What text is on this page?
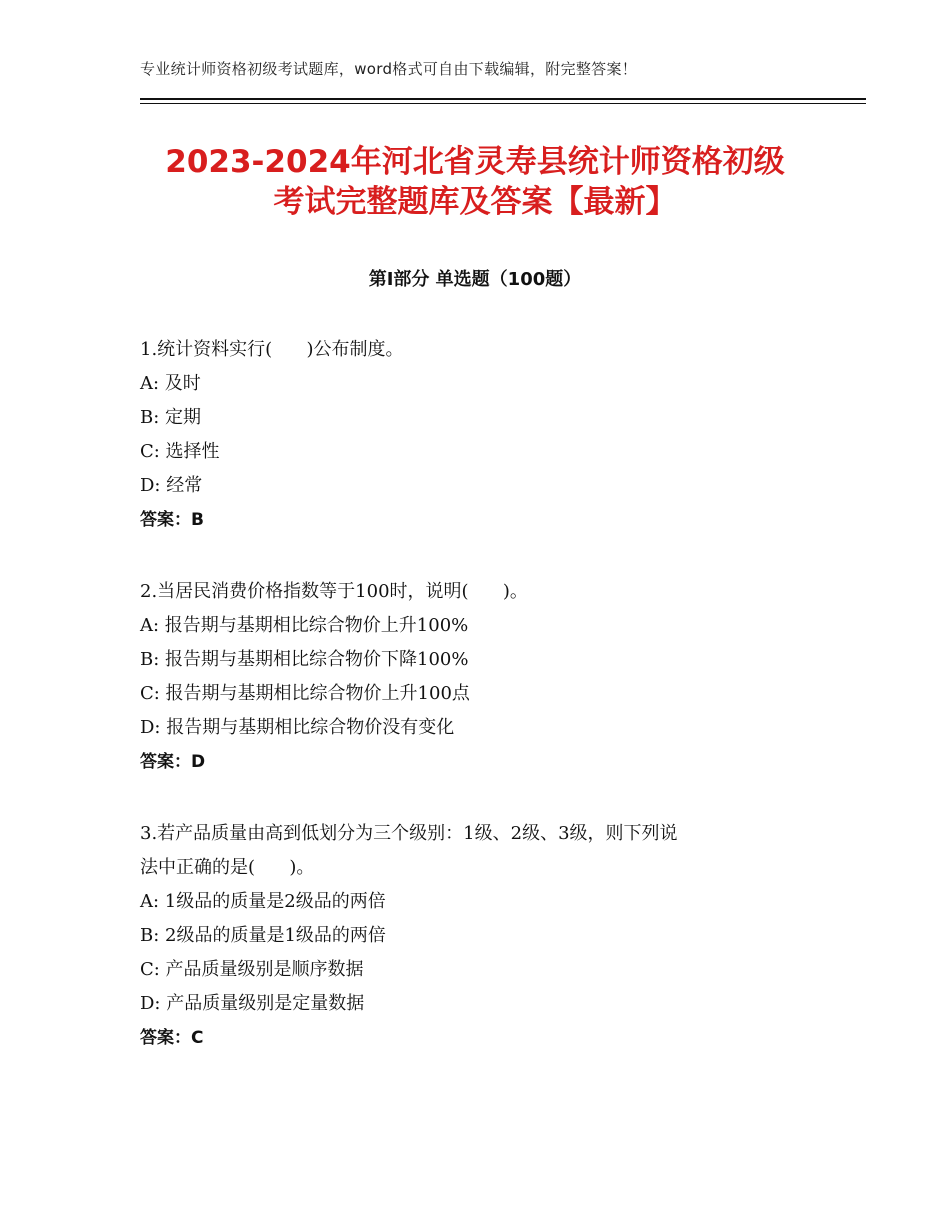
专业统计师资格初级考试题库，word格式可自由下载编辑，附完整答案！
2023-2024年河北省灵寿县统计师资格初级
考试完整题库及答案【最新】
第Ⅰ部分 单选题（100题）
1.统计资料实行(      )公布制度。
A: 及时
B: 定期
C: 选择性
D: 经常
答案：B
2.当居民消费价格指数等于100时，说明(      )。
A: 报告期与基期相比综合物价上升100%
B: 报告期与基期相比综合物价下降100%
C: 报告期与基期相比综合物价上升100点
D: 报告期与基期相比综合物价没有变化
答案：D
3.若产品质量由高到低划分为三个级别：1级、2级、3级，则下列说
法中正确的是(      )。
A: 1级品的质量是2级品的两倍
B: 2级品的质量是1级品的两倍
C: 产品质量级别是顺序数据
D: 产品质量级别是定量数据
答案：C
